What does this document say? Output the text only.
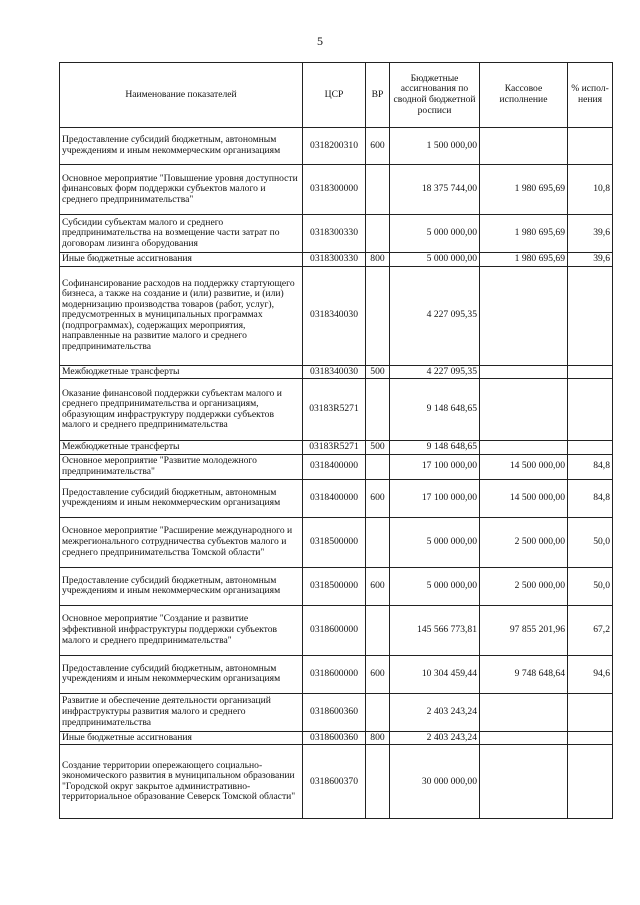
5
Наименование показателей	ЦСР	ВР	Бюджетные ассигнования по сводной бюджетной росписи	Кассовое исполнение	% испол-нения
Предоставление субсидий бюджетным, автономным учреждениям и иным некоммерческим организациям	0318200310	600	1 500 000,00		
Основное мероприятие "Повышение уровня доступности финансовых форм поддержки субъектов малого и среднего предпринимательства"	0318300000		18 375 744,00	1 980 695,69	10,8
Субсидии субъектам малого и среднего предпринимательства на возмещение части затрат по договорам лизинга оборудования	0318300330		5 000 000,00	1 980 695,69	39,6
Иные бюджетные ассигнования	0318300330	800	5 000 000,00	1 980 695,69	39,6
Софинансирование расходов на поддержку стартующего бизнеса, а также на создание и (или) развитие, и (или) модернизацию производства товаров (работ, услуг), предусмотренных в муниципальных программах (подпрограммах), содержащих мероприятия, направленные на развитие малого и среднего предпринимательства	0318340030		4 227 095,35		
Межбюджетные трансферты	0318340030	500	4 227 095,35		
Оказание финансовой поддержки субъектам малого и среднего предпринимательства и организациям, образующим инфраструктуру поддержки субъектов малого и среднего предпринимательства	03183R5271		9 148 648,65		
Межбюджетные трансферты	03183R5271	500	9 148 648,65		
Основное мероприятие "Развитие молодежного предпринимательства"	0318400000		17 100 000,00	14 500 000,00	84,8
Предоставление субсидий бюджетным, автономным учреждениям и иным некоммерческим организациям	0318400000	600	17 100 000,00	14 500 000,00	84,8
Основное мероприятие "Расширение международного и межрегионального сотрудничества субъектов малого и среднего предпринимательства Томской области"	0318500000		5 000 000,00	2 500 000,00	50,0
Предоставление субсидий бюджетным, автономным учреждениям и иным некоммерческим организациям	0318500000	600	5 000 000,00	2 500 000,00	50,0
Основное мероприятие "Создание и развитие эффективной инфраструктуры поддержки субъектов малого и среднего предпринимательства"	0318600000		145 566 773,81	97 855 201,96	67,2
Предоставление субсидий бюджетным, автономным учреждениям и иным некоммерческим организациям	0318600000	600	10 304 459,44	9 748 648,64	94,6
Развитие и обеспечение деятельности организаций инфраструктуры развития малого и среднего предпринимательства	0318600360		2 403 243,24		
Иные бюджетные ассигнования	0318600360	800	2 403 243,24		
Создание территории опережающего социально-экономического развития в муниципальном образовании "Городской округ закрытое административно-территориальное образование Северск Томской области"	0318600370		30 000 000,00		
